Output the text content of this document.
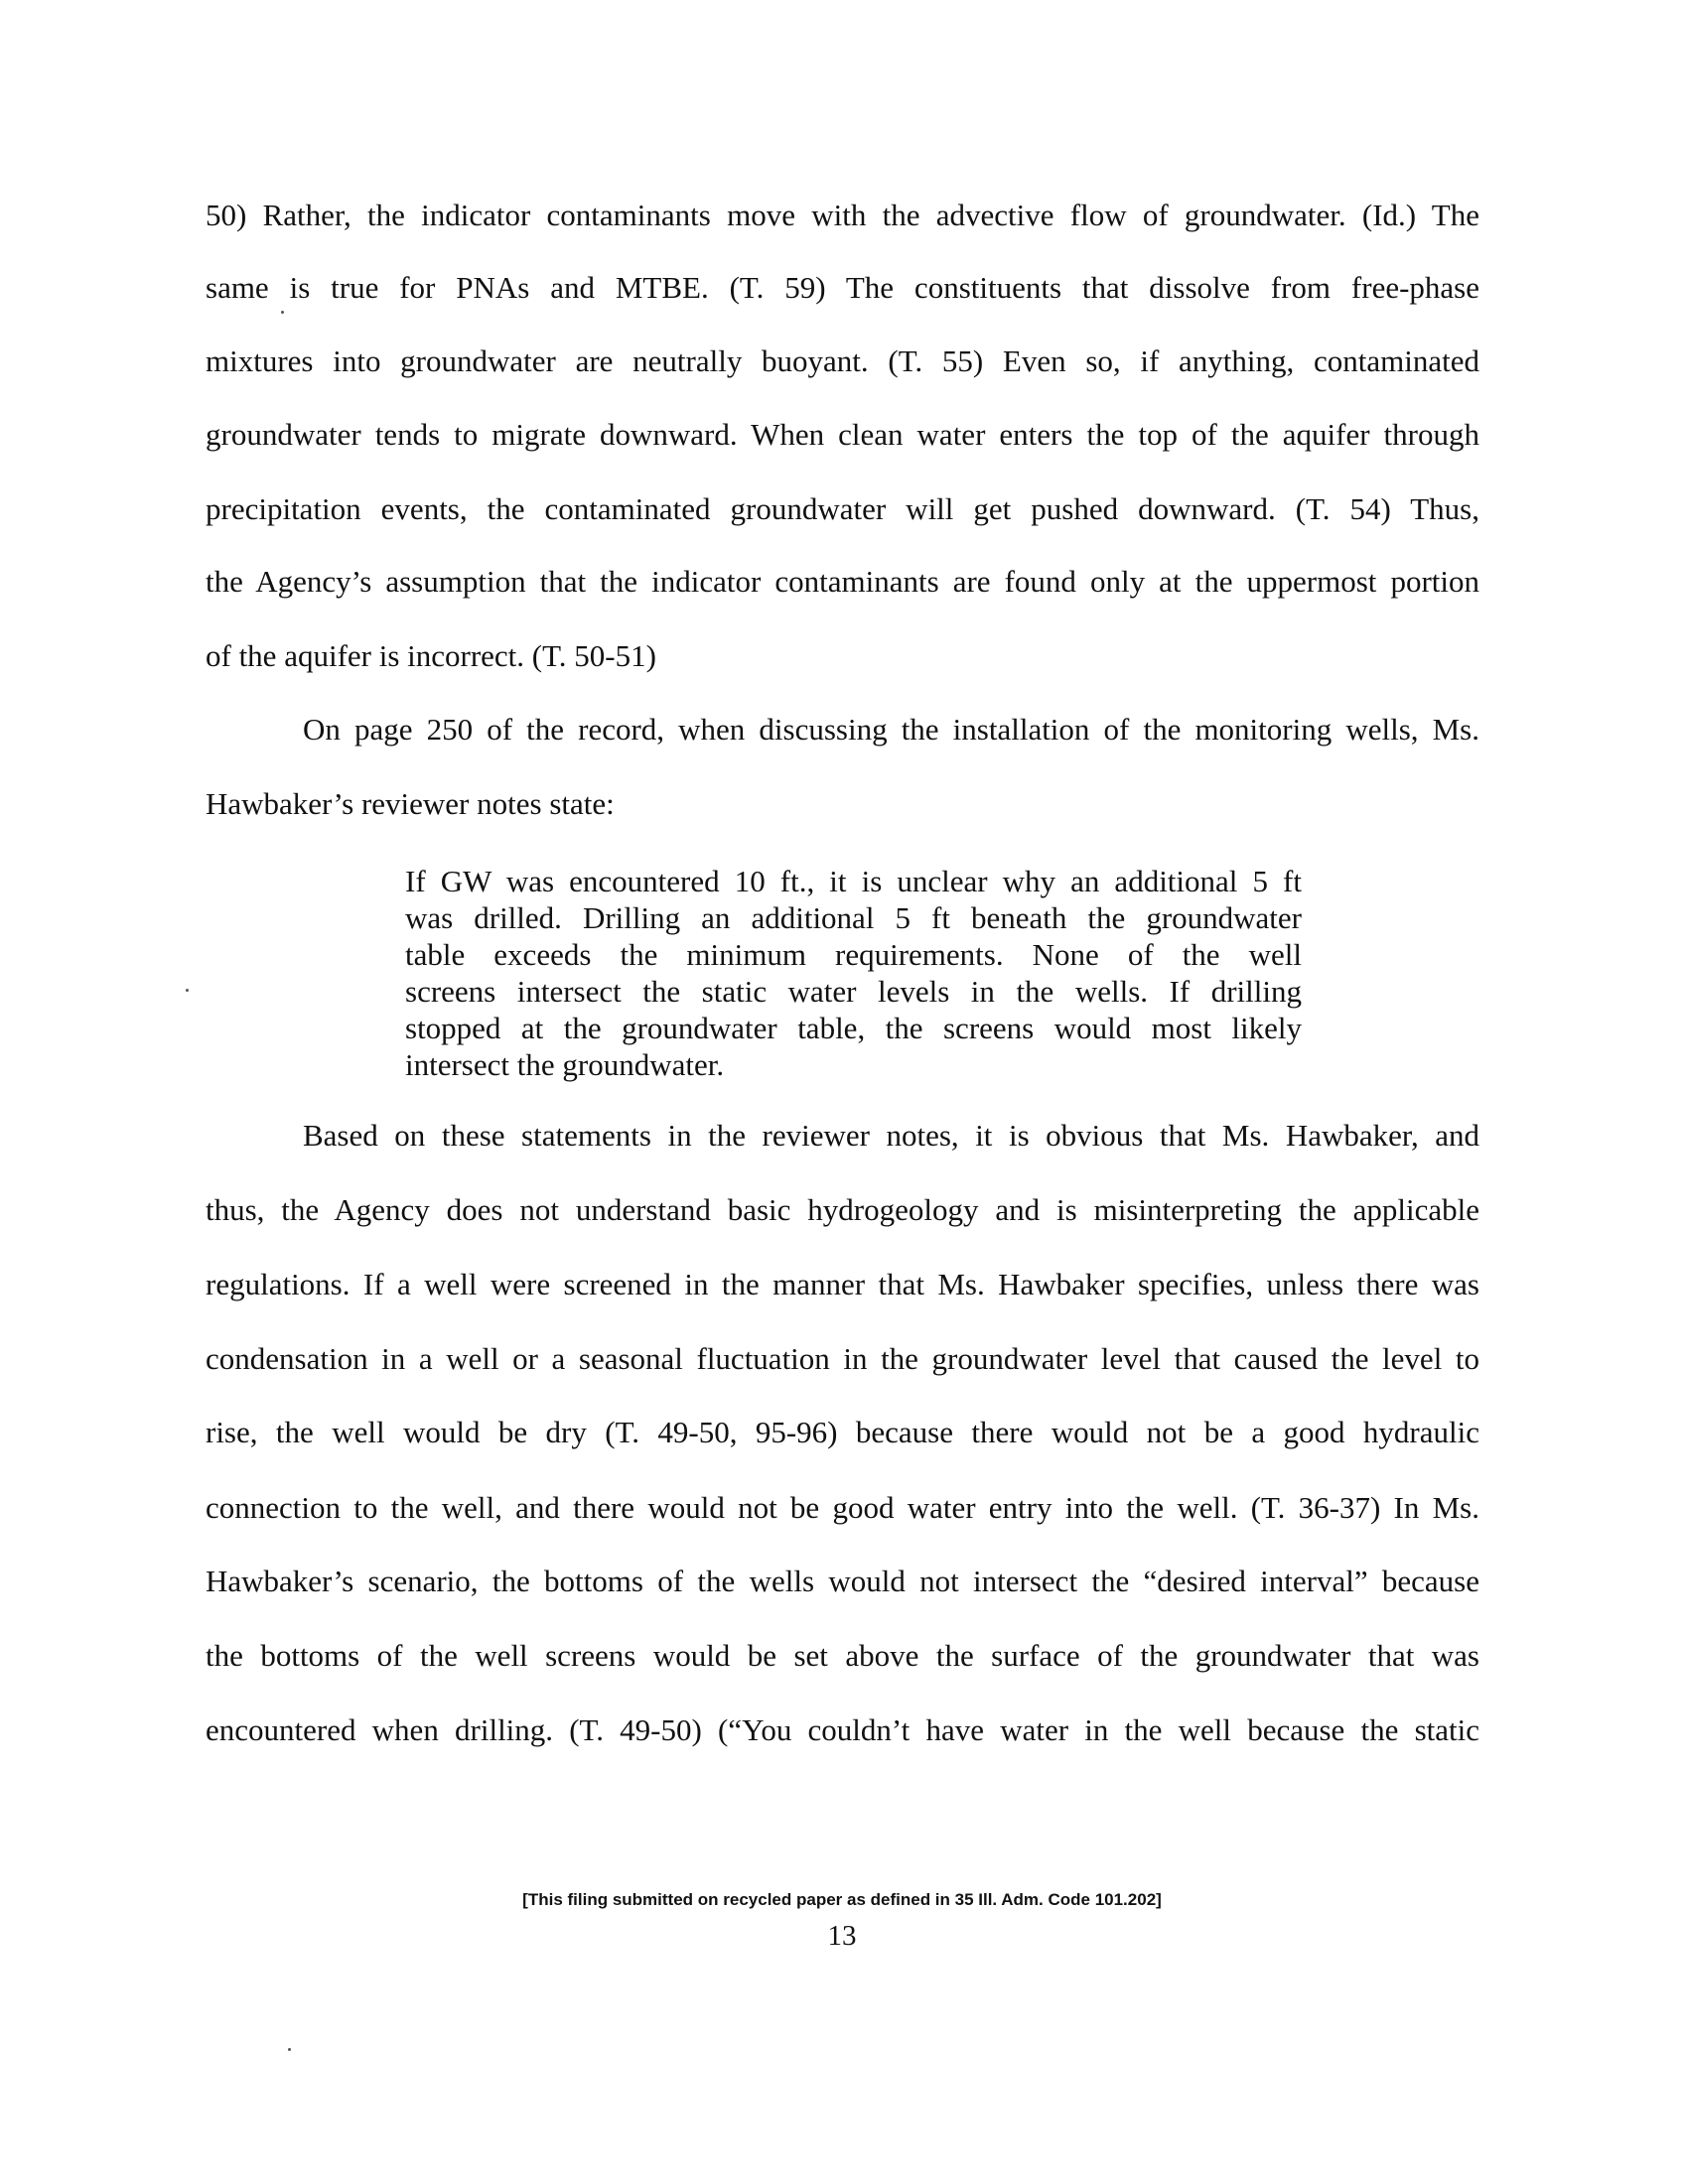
50) Rather, the indicator contaminants move with the advective flow of groundwater. (Id.) The
same is true for PNAs and MTBE. (T. 59) The constituents that dissolve from free-phase
mixtures into groundwater are neutrally buoyant. (T. 55) Even so, if anything, contaminated
groundwater tends to migrate downward. When clean water enters the top of the aquifer through
precipitation events, the contaminated groundwater will get pushed downward. (T. 54) Thus,
the Agency’s assumption that the indicator contaminants are found only at the uppermost portion
of the aquifer is incorrect. (T. 50-51)
On page 250 of the record, when discussing the installation of the monitoring wells, Ms.
Hawbaker’s reviewer notes state:
If GW was encountered 10 ft., it is unclear why an additional 5 ft
was drilled. Drilling an additional 5 ft beneath the groundwater
table exceeds the minimum requirements. None of the well
screens intersect the static water levels in the wells. If drilling
stopped at the groundwater table, the screens would most likely
intersect the groundwater.
Based on these statements in the reviewer notes, it is obvious that Ms. Hawbaker, and
thus, the Agency does not understand basic hydrogeology and is misinterpreting the applicable
regulations. If a well were screened in the manner that Ms. Hawbaker specifies, unless there was
condensation in a well or a seasonal fluctuation in the groundwater level that caused the level to
rise, the well would be dry (T. 49-50, 95-96) because there would not be a good hydraulic
connection to the well, and there would not be good water entry into the well. (T. 36-37) In Ms.
Hawbaker’s scenario, the bottoms of the wells would not intersect the “desired interval” because
the bottoms of the well screens would be set above the surface of the groundwater that was
encountered when drilling. (T. 49-50) (“You couldn’t have water in the well because the static
[This filing submitted on recycled paper as defined in 35 Ill. Adm. Code 101.202]
13
